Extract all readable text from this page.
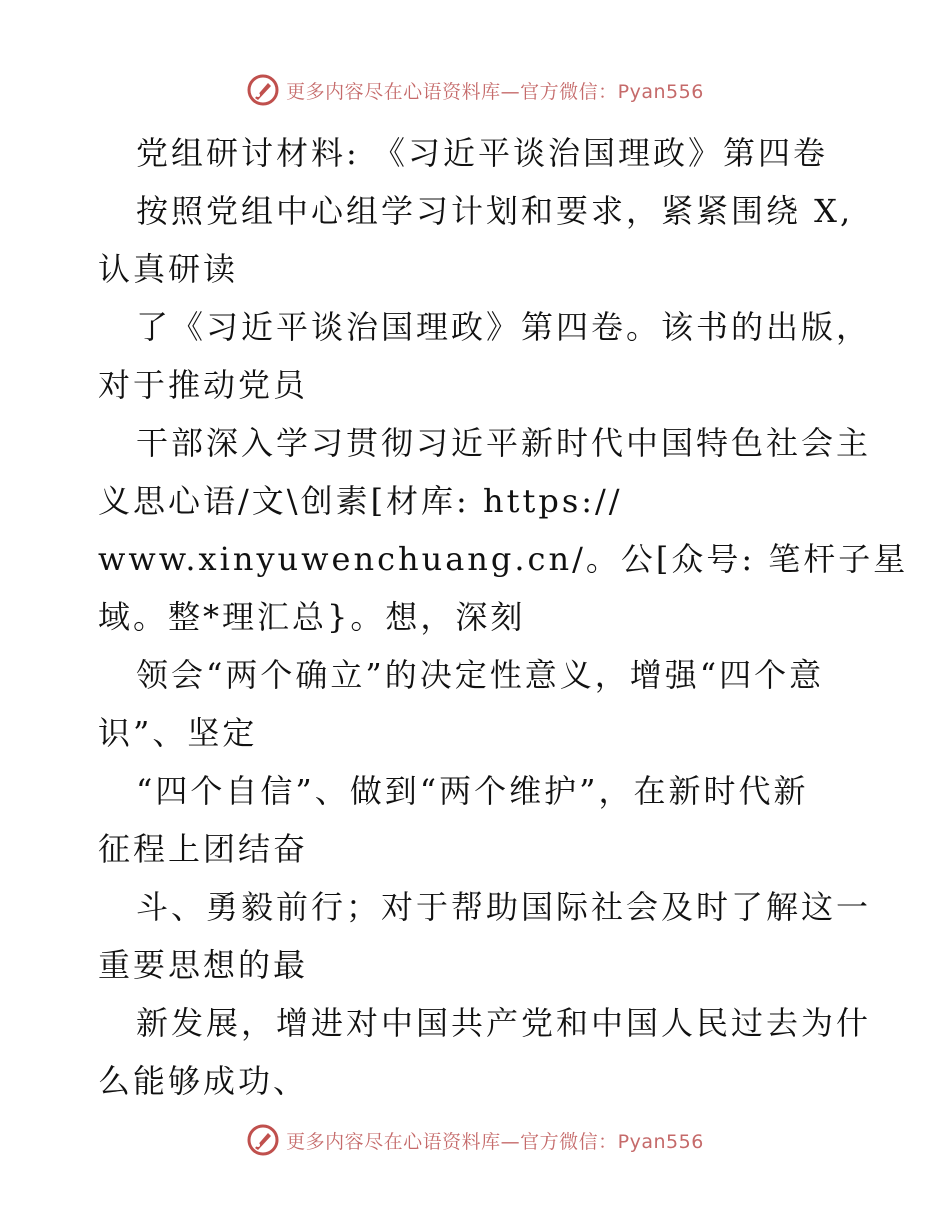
更多内容尽在心语资料库—官方微信：Pyan556
党组研讨材料: 《习近平谈治国理政》第四卷
按照党组中心组学习计划和要求，紧紧围绕 X,
认真研读
了《习近平谈治国理政》第四卷。该书的出版，
对于推动党员
干部深入学习贯彻习近平新时代中国特色社会主
义思心语/文\创素[材库: https://
www.xinyuwenchuang.cn/。公[众号: 笔杆子星
域。整*理汇总}。想，深刻
领会“两个确立”的决定性意义，增强“四个意
识”、坚定
“四个自信”、做到“两个维护”，在新时代新
征程上团结奋
斗、勇毅前行；对于帮助国际社会及时了解这一
重要思想的最
新发展，增进对中国共产党和中国人民过去为什
么能够成功、
更多内容尽在心语资料库—官方微信：Pyan556
